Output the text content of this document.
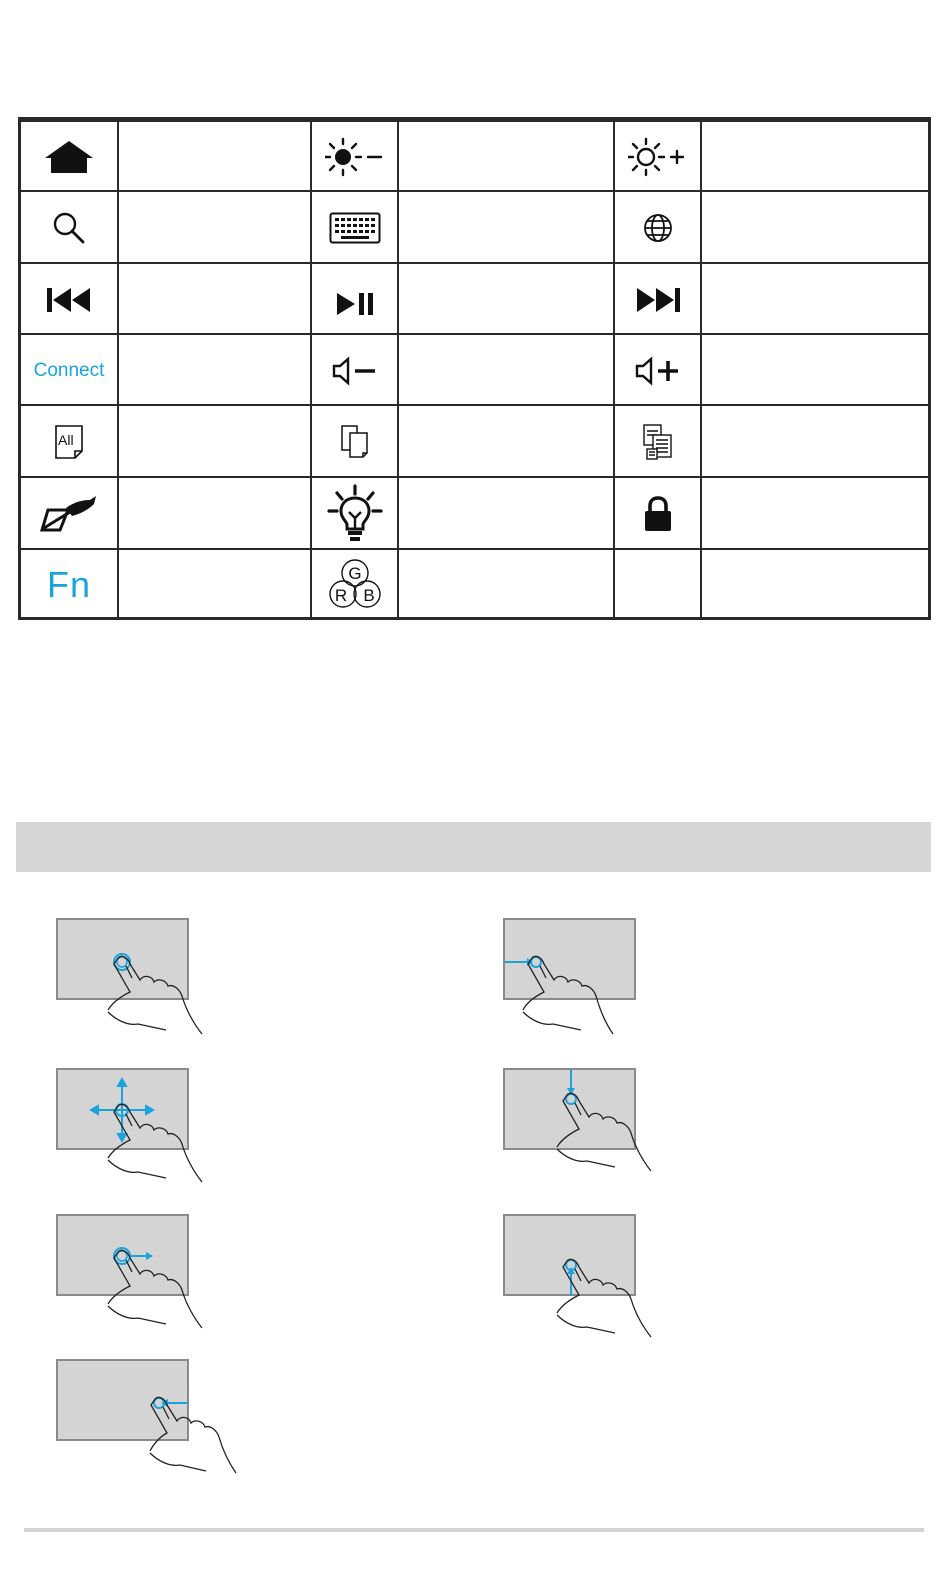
Connect
All
Fn	G
R B
